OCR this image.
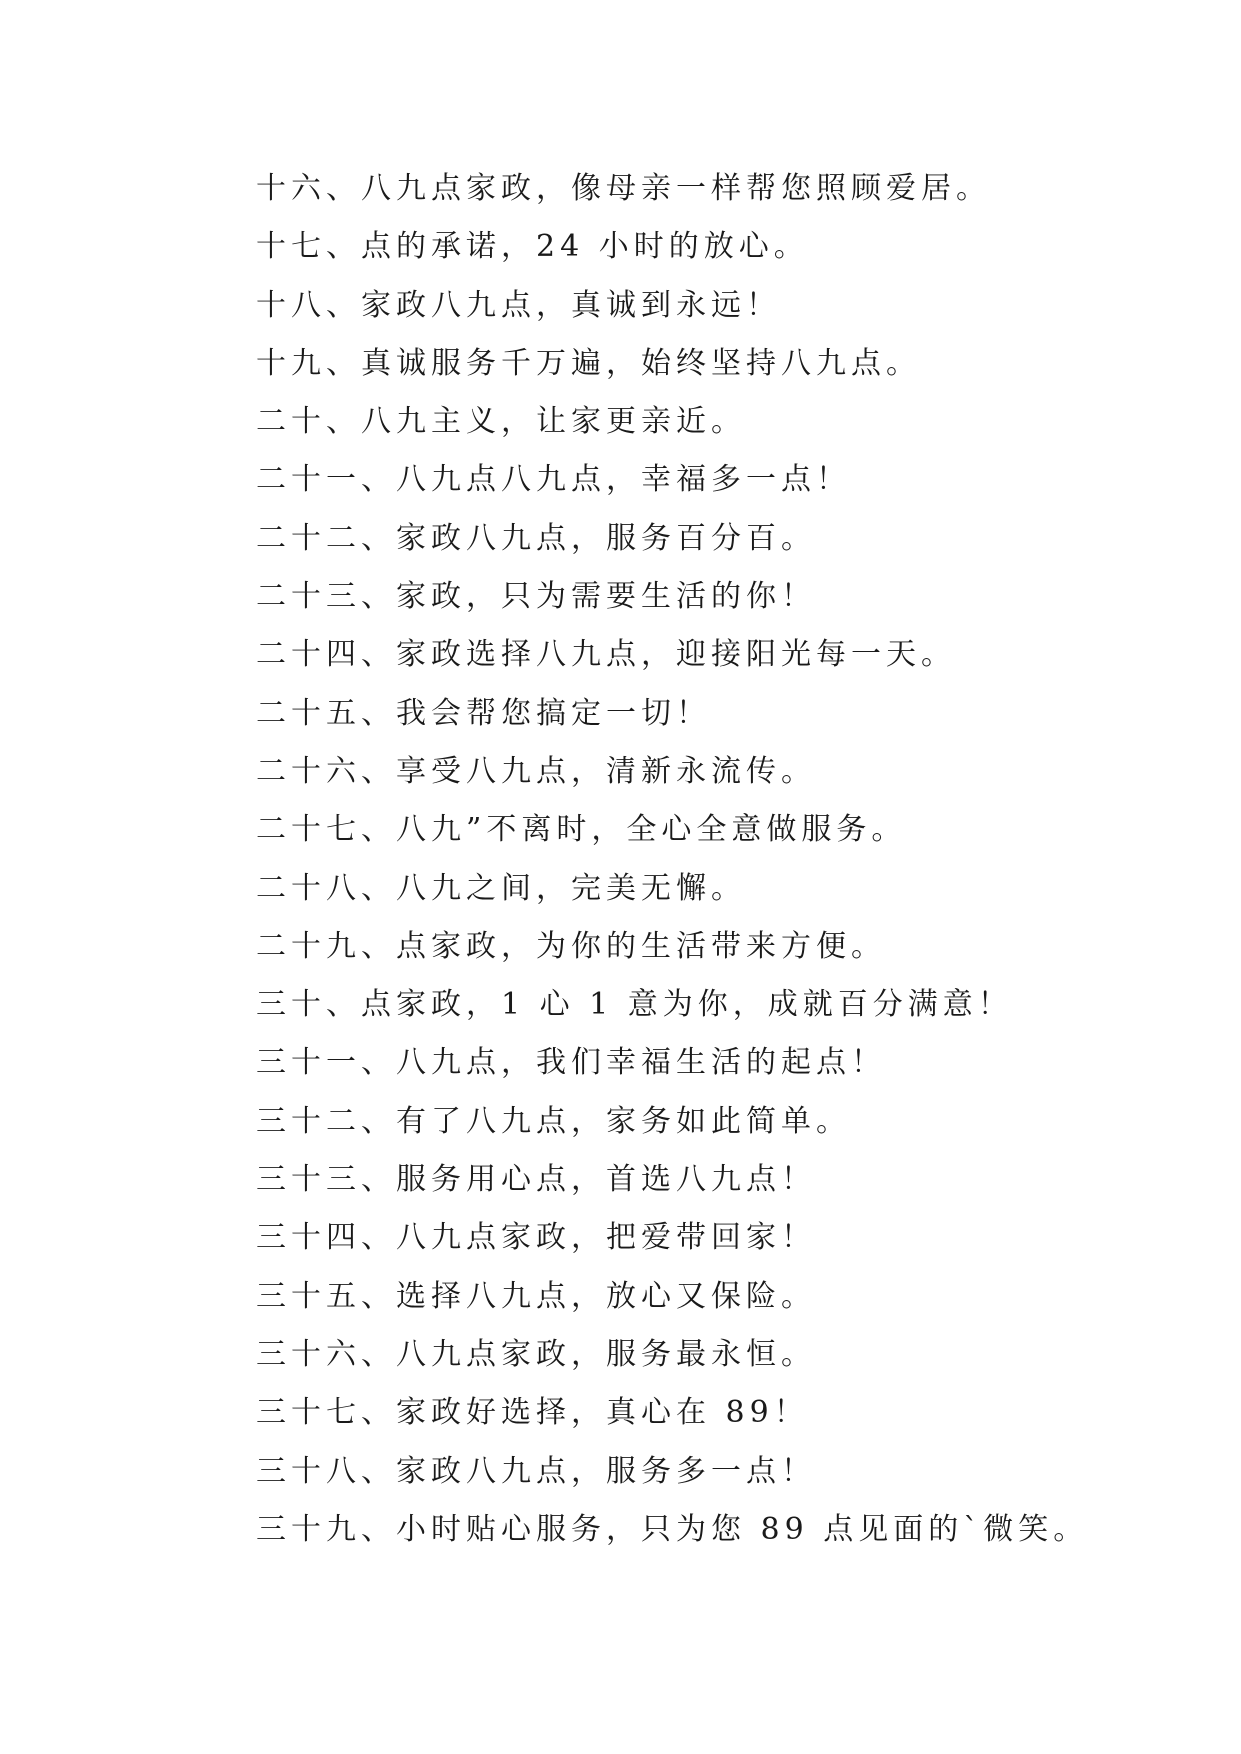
十六、八九点家政，像母亲一样帮您照顾爱居。
十七、点的承诺，24 小时的放心。
十八、家政八九点，真诚到永远！
十九、真诚服务千万遍，始终坚持八九点。
二十、八九主义，让家更亲近。
二十一、八九点八九点，幸福多一点！
二十二、家政八九点，服务百分百。
二十三、家政，只为需要生活的你！
二十四、家政选择八九点，迎接阳光每一天。
二十五、我会帮您搞定一切！
二十六、享受八九点，清新永流传。
二十七、八九”不离时，全心全意做服务。
二十八、八九之间，完美无懈。
二十九、点家政，为你的生活带来方便。
三十、点家政，1 心 1 意为你，成就百分满意！
三十一、八九点，我们幸福生活的起点！
三十二、有了八九点，家务如此简单。
三十三、服务用心点，首选八九点！
三十四、八九点家政，把爱带回家！
三十五、选择八九点，放心又保险。
三十六、八九点家政，服务最永恒。
三十七、家政好选择，真心在 89！
三十八、家政八九点，服务多一点！
三十九、小时贴心服务，只为您 89 点见面的`微笑。
